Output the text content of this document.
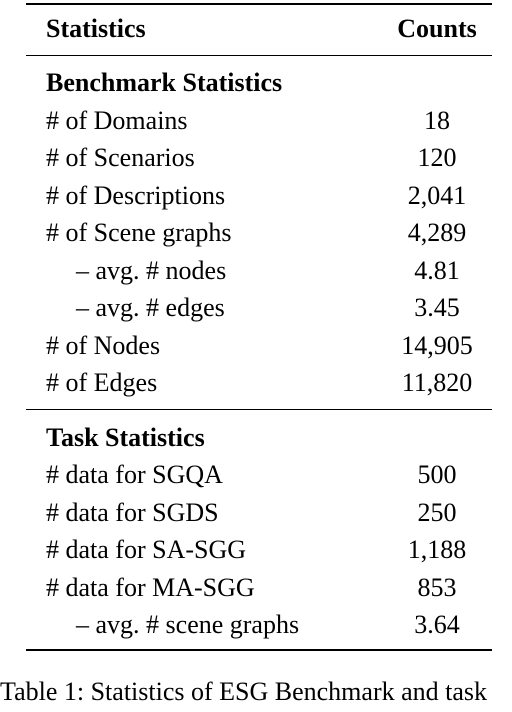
Statistics	Counts
Benchmark Statistics
# of Domains	18
# of Scenarios	120
# of Descriptions	2,041
# of Scene graphs	4,289
– avg. # nodes	4.81
– avg. # edges	3.45
# of Nodes	14,905
# of Edges	11,820
Task Statistics
# data for SGQA	500
# data for SGDS	250
# data for SA-SGG	1,188
# data for MA-SGG	853
– avg. # scene graphs	3.64
Table 1: Statistics of ESG Benchmark and task
